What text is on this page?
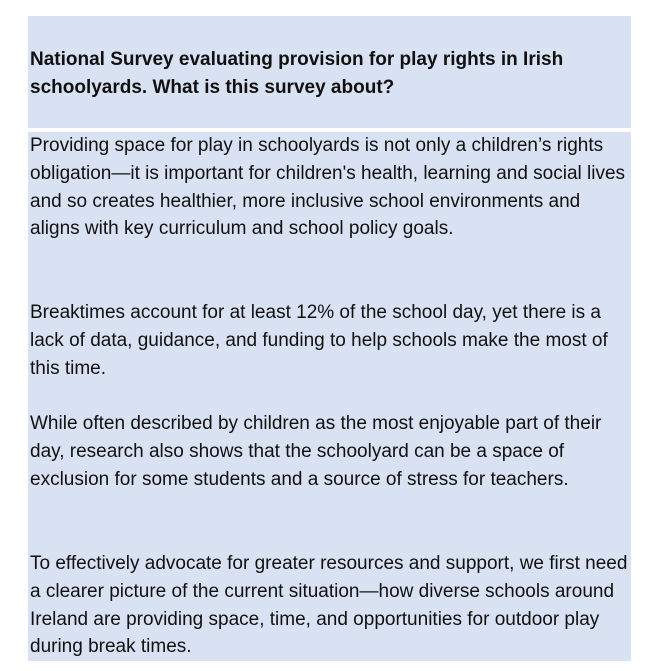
National Survey evaluating provision for play rights in Irish schoolyards. What is this survey about?

Providing space for play in schoolyards is not only a children’s rights obligation—it is important for children's health, learning and social lives and so creates healthier, more inclusive school environments and aligns with key curriculum and school policy goals.

Breaktimes account for at least 12% of the school day, yet there is a lack of data, guidance, and funding to help schools make the most of this time.

While often described by children as the most enjoyable part of their day, research also shows that the schoolyard can be a space of exclusion for some students and a source of stress for teachers.

To effectively advocate for greater resources and support, we first need a clearer picture of the current situation—how diverse schools around Ireland are providing space, time, and opportunities for outdoor play during break times.
